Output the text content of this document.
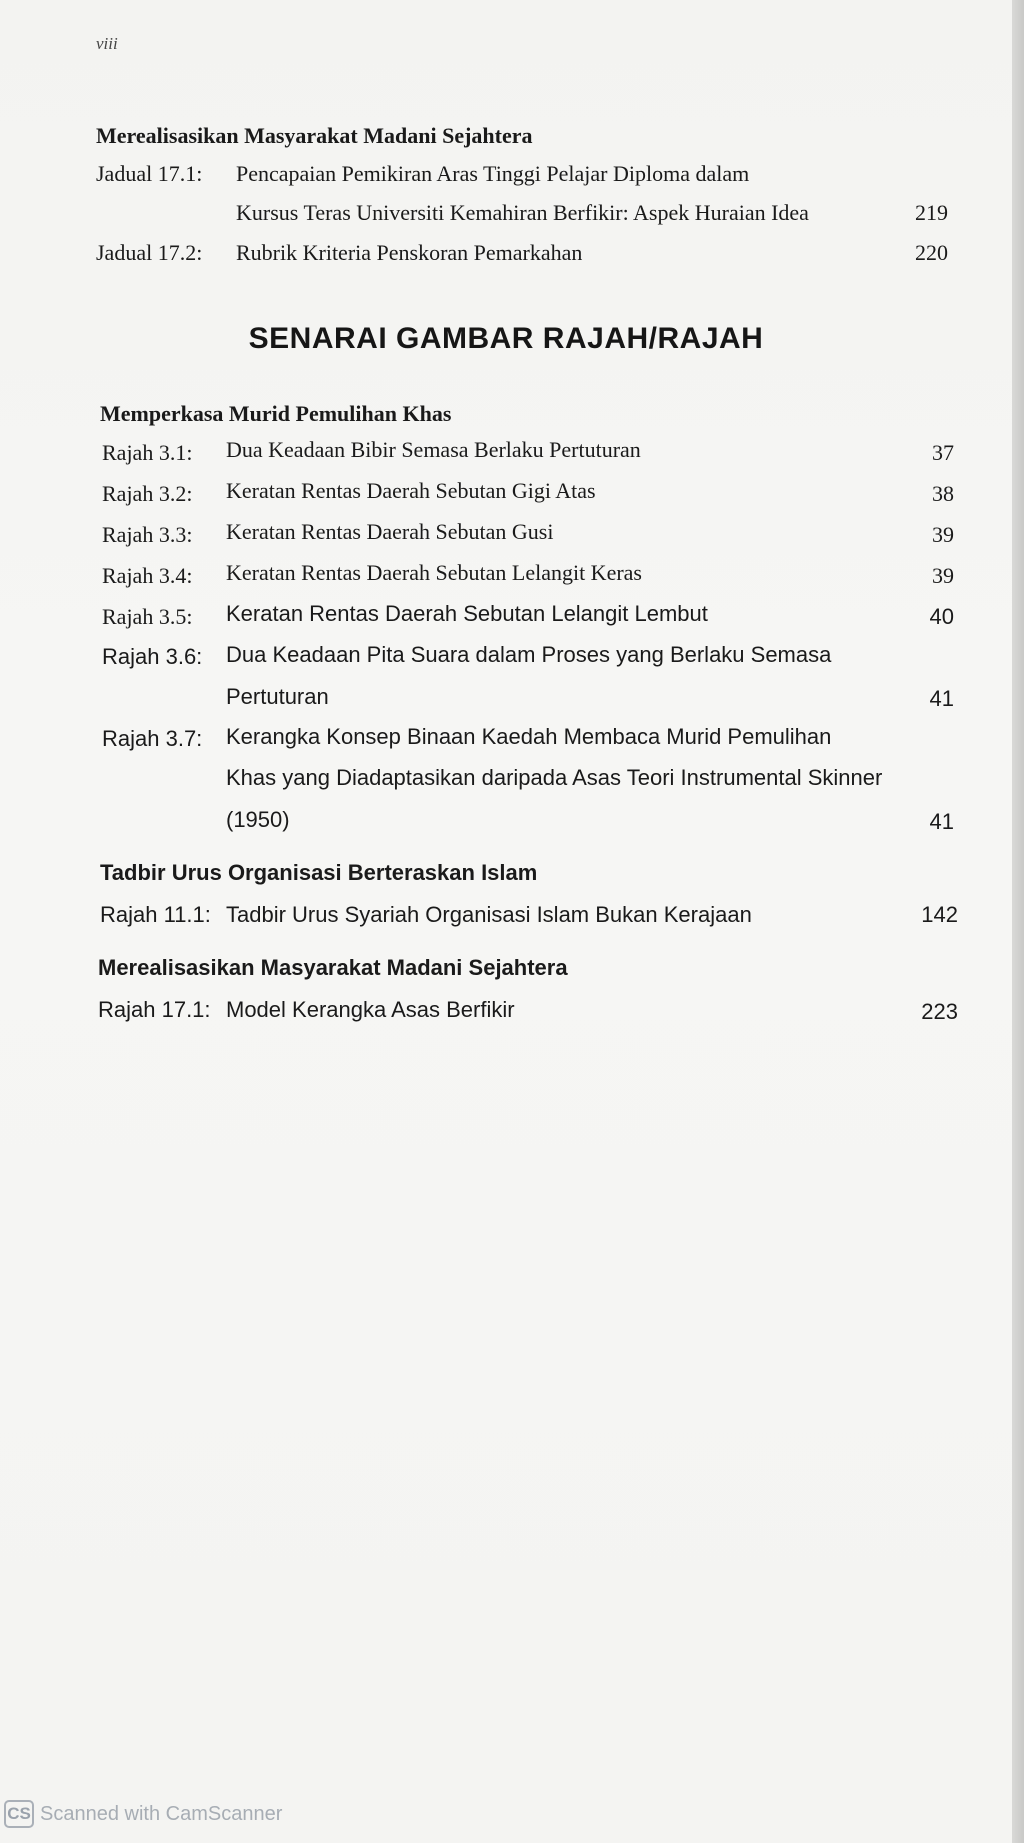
viii
Merealisasikan Masyarakat Madani Sejahtera
Jadual 17.1: Pencapaian Pemikiran Aras Tinggi Pelajar Diploma dalam
Kursus Teras Universiti Kemahiran Berfikir: Aspek Huraian Idea	219
Jadual 17.2: Rubrik Kriteria Penskoran Pemarkahan	220
SENARAI GAMBAR RAJAH/RAJAH
Memperkasa Murid Pemulihan Khas
Rajah 3.1: Dua Keadaan Bibir Semasa Berlaku Pertuturan	37
Rajah 3.2: Keratan Rentas Daerah Sebutan Gigi Atas	38
Rajah 3.3: Keratan Rentas Daerah Sebutan Gusi	39
Rajah 3.4: Keratan Rentas Daerah Sebutan Lelangit Keras	39
Rajah 3.5: Keratan Rentas Daerah Sebutan Lelangit Lembut	40
Rajah 3.6: Dua Keadaan Pita Suara dalam Proses yang Berlaku Semasa
Pertuturan	41
Rajah 3.7: Kerangka Konsep Binaan Kaedah Membaca Murid Pemulihan
Khas yang Diadaptasikan daripada Asas Teori Instrumental Skinner
(1950)	41
Tadbir Urus Organisasi Berteraskan Islam
Rajah 11.1: Tadbir Urus Syariah Organisasi Islam Bukan Kerajaan	142
Merealisasikan Masyarakat Madani Sejahtera
Rajah 17.1: Model Kerangka Asas Berfikir	223
CS Scanned with CamScanner
